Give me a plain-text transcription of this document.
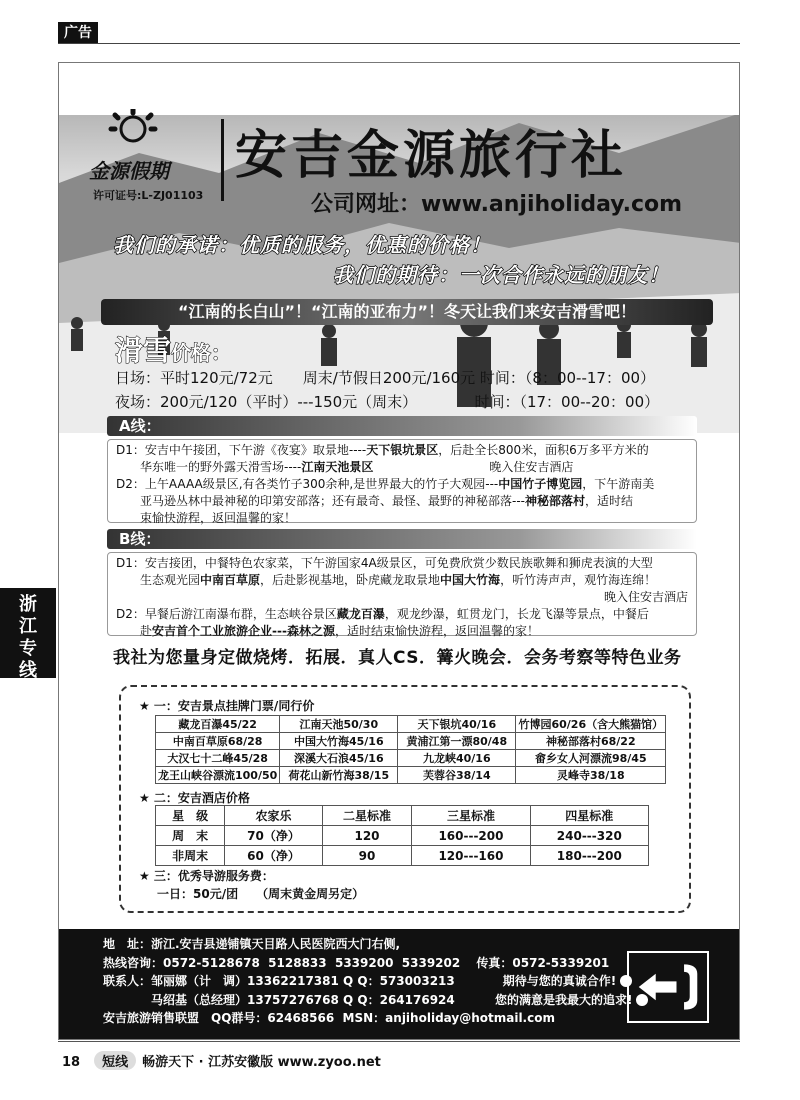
广告
浙
江
专
线
金源假期
许可证号:L-ZJ01103
安吉金源旅行社
公司网址：www.anjiholiday.com
我们的承诺：优质的服务，优惠的价格！
我们的期待：一次合作永远的朋友！
“江南的长白山”！“江南的亚布力”！冬天让我们来安吉滑雪吧！
滑雪价格：
日场：平时120元/72元　　周末/节假日200元/160元 时间：（8：00--17：00）
夜场：200元/120（平时）---150元（周末）　　　　 时间：（17：00--20：00）
A线：
D1：安吉中午接团，下午游《夜宴》取景地----天下银坑景区，后赴全长800米，面积6万多平方米的
华东唯一的野外露天滑雪场----江南天池景区	晚入住安吉酒店
D2：上午AAAA级景区,有各类竹子300余种,是世界最大的竹子大观园---中国竹子博览园，下午游南美
亚马逊丛林中最神秘的印第安部落；还有最奇、最怪、最野的神秘部落---神秘部落村，适时结
束愉快游程，返回温馨的家！
B线：
D1：安吉接团，中餐特色农家菜，下午游国家4A级景区，可免费欣赏少数民族歌舞和狮虎表演的大型
生态观光园中南百草原，后赴影视基地，卧虎藏龙取景地中国大竹海，听竹涛声声，观竹海连绵！
晚入住安吉酒店
D2：早餐后游江南瀑布群，生态峡谷景区藏龙百瀑，观龙纱瀑，虹贯龙门，长龙飞瀑等景点，中餐后
赴安吉首个工业旅游企业---森林之源，适时结束愉快游程，返回温馨的家！
我社为您量身定做烧烤．拓展．真人CS．篝火晚会．会务考察等特色业务
★ 一：安吉景点挂牌门票/同行价
藏龙百瀑45/22	江南天池50/30	天下银坑40/16	竹博园60/26（含大熊猫馆）
中南百草原68/28	中国大竹海45/16	黄浦江第一漂80/48	神秘部落村68/22
大汉七十二峰45/28	深溪大石浪45/16	九龙峡40/16	畲乡女人河漂流98/45
龙王山峡谷漂流100/50	荷花山新竹海38/15	芙蓉谷38/14	灵峰寺38/18
★ 二：安吉酒店价格
星　级	农家乐	二星标准	三星标准	四星标准
周　末	70（净）	120	160---200	240---320
非周末	60（净）	90	120---160	180---200
★ 三：优秀导游服务费：
一日：50元/团　　（周末黄金周另定）
地　址：浙江.安吉县递铺镇天目路人民医院西大门右侧,
热线咨询：0572-5128678  5128833  5339200  5339202　 传真：0572-5339201
联系人：邹丽娜（计　调）13362217381 Q Q：573003213　　　　	期待与您的真诚合作!
　　　　马绍基（总经理）13757276768 Q Q：264176924　　　	您的满意是我最大的追求!
安吉旅游销售联盟　QQ群号：62468566  MSN：anjiholiday@hotmail.com
18 短线 畅游天下 · 江苏安徽版 www.zyoo.net
